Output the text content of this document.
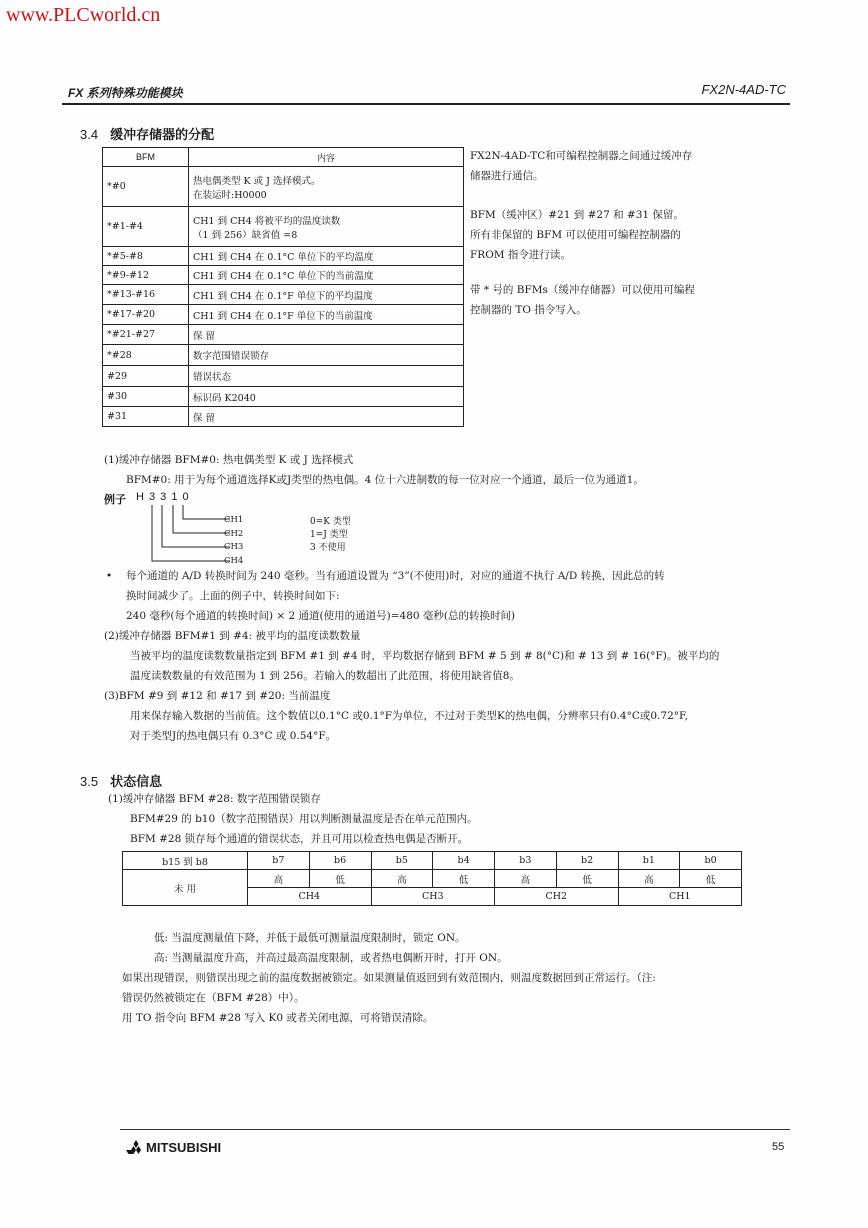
www.PLCworld.cn
FX 系列特殊功能模块	FX2N-4AD-TC
3.4 缓冲存储器的分配
BFM	内容
*#0	热电偶类型 K 或 J 选择模式。
在装运时:H0000

*#1-#4	CH1 到 CH4 将被平均的温度读数
（1 到 256）缺省值 =8

*#5-#8	CH1 到 CH4 在 0.1°C 单位下的平均温度
*#9-#12	CH1 到 CH4 在 0.1°C 单位下的当前温度
*#13-#16	CH1 到 CH4 在 0.1°F 单位下的平均温度
*#17-#20	CH1 到 CH4 在 0.1°F 单位下的当前温度
*#21-#27	保 留
*#28	数字范围错误锁存
#29	错误状态
#30	标识码 K2040
#31	保 留
FX2N-4AD-TC和可编程控制器之间通过缓冲存
储器进行通信。
BFM（缓冲区）#21 到 #27 和 #31 保留。
所有非保留的 BFM 可以使用可编程控制器的
FROM 指令进行读。
带 * 号的 BFMs（缓冲存储器）可以使用可编程
控制器的 TO 指令写入。
(1)缓冲存储器 BFM#0: 热电偶类型 K 或 J 选择模式
BFM#0: 用于为每个通道选择K或J类型的热电偶。4 位十六进制数的每一位对应一个通道，最后一位为通道1。
例子 H 3 3 1 0
CH1
CH2
CH3
CH4
0=K 类型
1=J 类型
3 不使用
• 每个通道的 A/D 转换时间为 240 毫秒。当有通道设置为 “3”(不使用)时，对应的通道不执行 A/D 转换，因此总的转
换时间减少了。上面的例子中，转换时间如下:
240 毫秒(每个通道的转换时间) × 2 通道(使用的通道号)=480 毫秒(总的转换时间)
(2)缓冲存储器 BFM#1 到 #4: 被平均的温度读数数量
当被平均的温度读数数量指定到 BFM #1 到 #4 时，平均数据存储到 BFM # 5 到 # 8(°C)和 # 13 到 # 16(°F)。被平均的
温度读数数量的有效范围为 1 到 256。若输入的数超出了此范围，将使用缺省值8。
(3)BFM #9 到 #12 和 #17 到 #20: 当前温度
用来保存输入数据的当前值。这个数值以0.1°C 或0.1°F为单位，不过对于类型K的热电偶，分辨率只有0.4°C或0.72°F,
对于类型J的热电偶只有 0.3°C 或 0.54°F。
3.5 状态信息
(1)缓冲存储器 BFM #28: 数字范围错误锁存
BFM#29 的 b10（数字范围错误）用以判断测量温度是否在单元范围内。
BFM #28 锁存每个通道的错误状态，并且可用以检查热电偶是否断开。
b15 到 b8	b7	b6	b5	b4	b3	b2	b1	b0
未 用	高	低	高	低	高	低	高	低
	CH4		CH3		CH2		CH1	
低: 当温度测量值下降，并低于最低可测量温度限制时，锁定 ON。
高: 当测量温度升高，并高过最高温度限制，或者热电偶断开时，打开 ON。
如果出现错误，则错误出现之前的温度数据被锁定。如果测量值返回到有效范围内，则温度数据回到正常运行。（注:
错误仍然被锁定在（BFM #28）中）。
用 TO 指令向 BFM #28 写入 K0 或者关闭电源，可将错误清除。
MITSUBISHI	55
